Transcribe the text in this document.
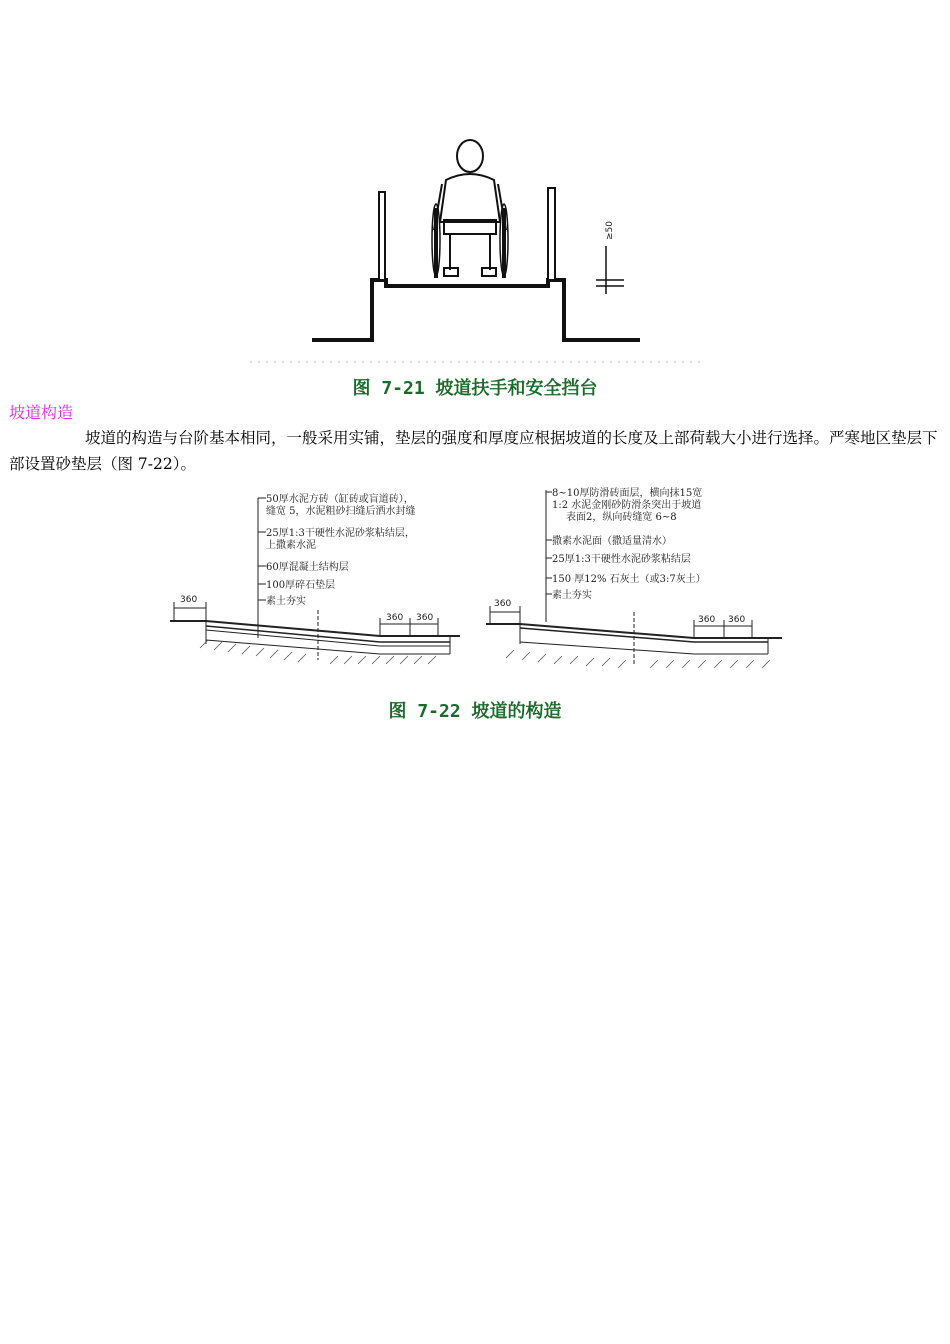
≥50
图 7-21 坡道扶手和安全挡台
坡道构造
坡道的构造与台阶基本相同，一般采用实铺，垫层的强度和厚度应根据坡道的长度及上部荷载大小进行选择。严寒地区垫层下部设置砂垫层（图 7-22）。
50厚水泥方砖（缸砖或盲道砖），
缝宽 5，水泥粗砂扫缝后洒水封缝
25厚1:3干硬性水泥砂浆粘结层，
上撒素水泥
60厚混凝土结构层
100厚碎石垫层
素土夯实
360
360 360
8~10厚防滑砖面层，横向抹15宽
1:2 水泥金刚砂防滑条突出于坡道
表面2，纵向砖缝宽 6~8
撒素水泥面（撒适量清水）
25厚1:3干硬性水泥砂浆粘结层
150 厚12% 石灰土（或3:7灰土）
素土夯实
360
360 360
图 7-22 坡道的构造
